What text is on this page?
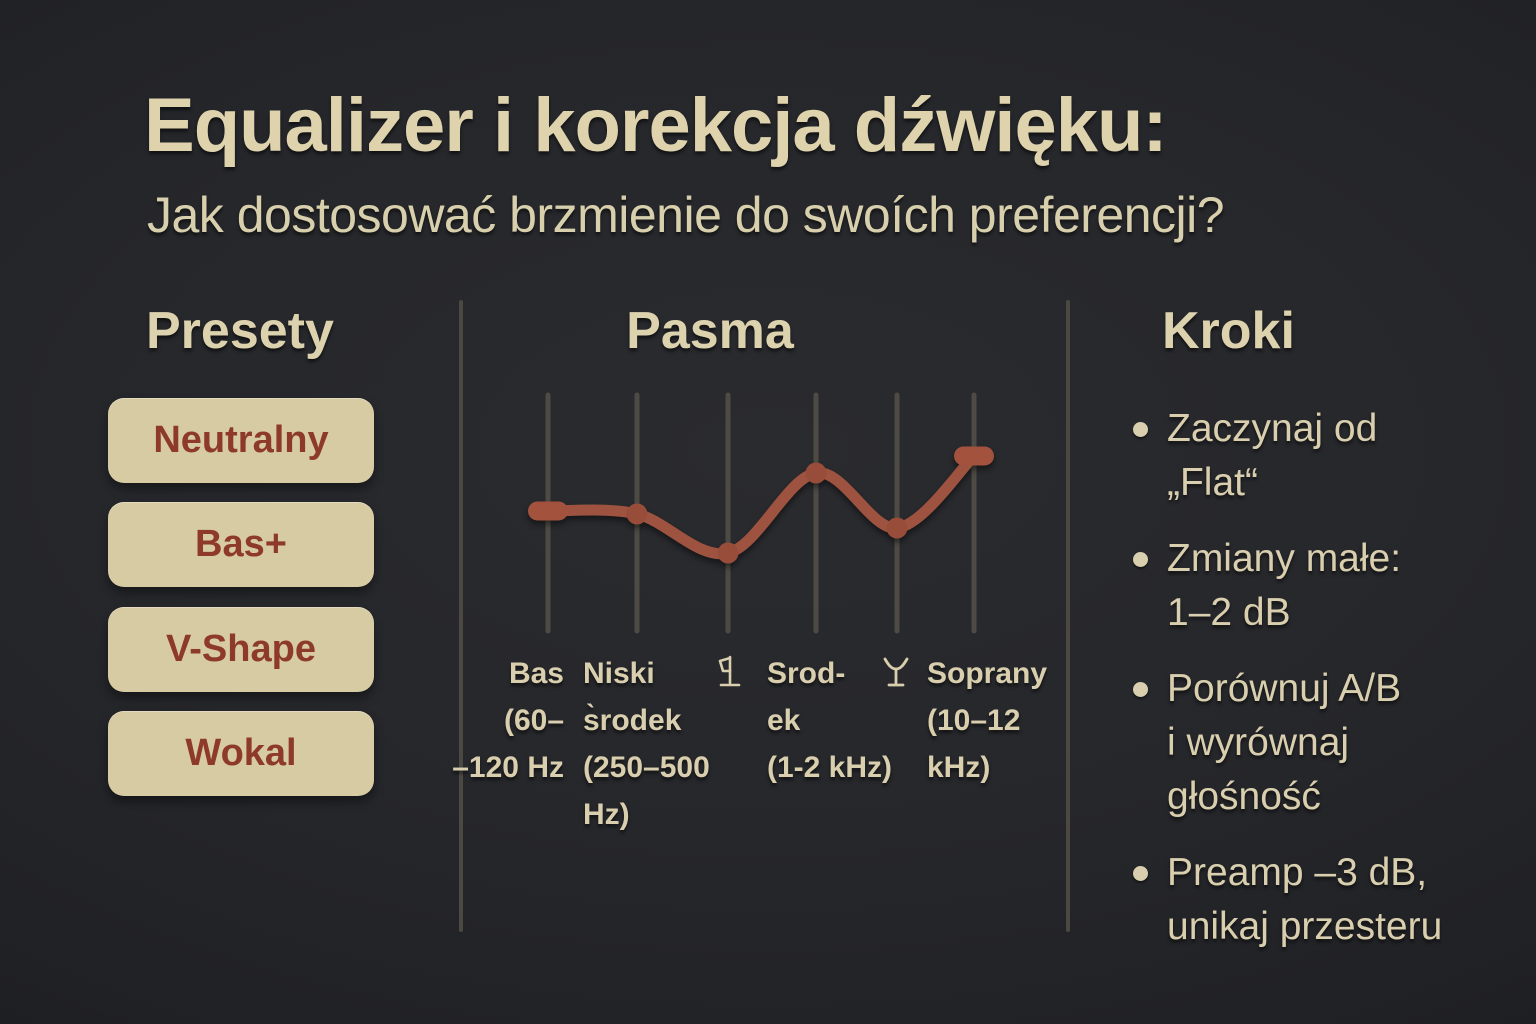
Equalizer i korekcja dźwięku:
Jak dostosować brzmienie do swoích preferencji?
Presety	Pasma	Kroki
Neutralny
Bas+
V-Shape
Wokal
Bas
(60–
–120 Hz
Niski
s̀rodek
(250–500
Hz)
Srod-
ek
(1-2 kHz)
Soprany
(10–12
kHz)
Zaczynaj od
„Flat“
Zmiany małe:
1–2 dB
Porównuj A/B
i wyrównaj
głośność
Preamp –3 dB,
unikaj przesteru
